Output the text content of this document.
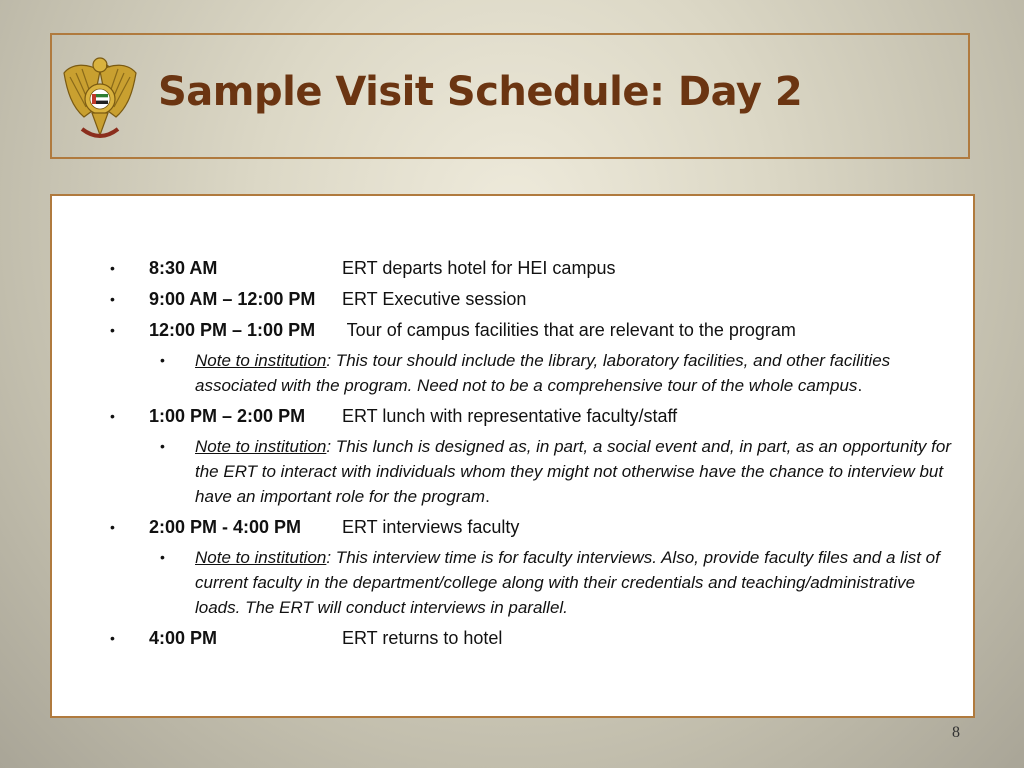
Sample Visit Schedule: Day 2
• 8:30 AM	ERT departs hotel for HEI campus
• 9:00 AM – 12:00 PM ERT Executive session
• 12:00 PM – 1:00 PM Tour of campus facilities that are relevant to the program
• Note to institution: This tour should include the library, laboratory facilities, and other facilities associated with the program. Need not to be a comprehensive tour of the whole campus.
• 1:00 PM – 2:00 PM ERT lunch with representative faculty/staff
• Note to institution: This lunch is designed as, in part, a social event and, in part, as an opportunity for the ERT to interact with individuals whom they might not otherwise have the chance to interview but have an important role for the program.
• 2:00 PM - 4:00 PM ERT interviews faculty
• Note to institution: This interview time is for faculty interviews. Also, provide faculty files and a list of current faculty in the department/college along with their credentials and teaching/administrative loads. The ERT will conduct interviews in parallel.
• 4:00 PM	ERT returns to hotel
8
